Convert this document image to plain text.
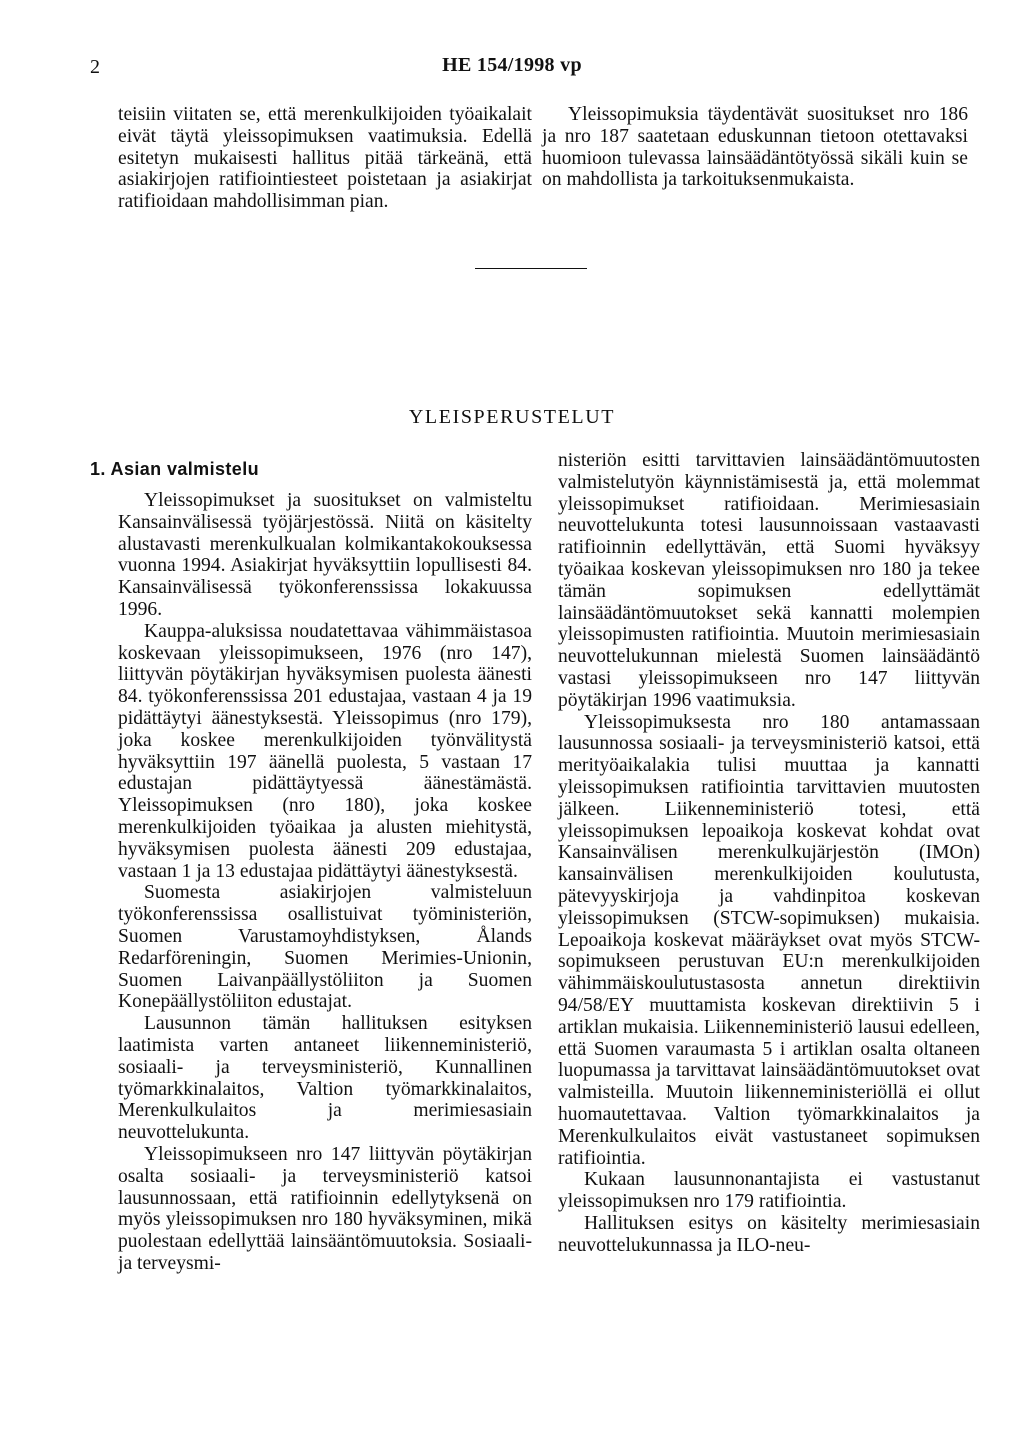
2	HE 154/1998 vp

teisiin viitaten se, että merenkulkijoiden työaikalait eivät täytä yleissopimuksen vaatimuksia. Edellä esitetyn mukaisesti hallitus pitää tärkeänä, että asiakirjojen ratifiointiesteet poistetaan ja asiakirjat ratifioidaan mahdollisimman pian.

Yleissopimuksia täydentävät suositukset nro 186 ja nro 187 saatetaan eduskunnan tietoon otettavaksi huomioon tulevassa lainsäädäntötyössä sikäli kuin se on mahdollista ja tarkoituksenmukaista.

YLEISPERUSTELUT
1. Asian valmistelu

Yleissopimukset ja suositukset on valmisteltu Kansainvälisessä työjärjestössä. Niitä on käsitelty alustavasti merenkulkualan kolmikantakokouksessa vuonna 1994. Asiakirjat hyväksyttiin lopullisesti 84. Kansainvälisessä työkonferenssissa lokakuussa 1996.

Kauppa-aluksissa noudatettavaa vähimmäistasoa koskevaan yleissopimukseen, 1976 (nro 147), liittyvän pöytäkirjan hyväksymisen puolesta äänesti 84. työkonferenssissa 201 edustajaa, vastaan 4 ja 19 pidättäytyi äänestyksestä. Yleissopimus (nro 179), joka koskee merenkulkijoiden työnvälitystä hyväksyttiin 197 äänellä puolesta, 5 vastaan 17 edustajan pidättäytyessä äänestämästä. Yleissopimuksen (nro 180), joka koskee merenkulkijoiden työaikaa ja alusten miehitystä, hyväksymisen puolesta äänesti 209 edustajaa, vastaan 1 ja 13 edustajaa pidättäytyi äänestyksestä.

Suomesta asiakirjojen valmisteluun työkonferenssissa osallistuivat työministeriön, Suomen Varustamoyhdistyksen, Ålands Redarföreningin, Suomen Merimies-Unionin, Suomen Laivanpäällystöliiton ja Suomen Konepäällystöliiton edustajat.

Lausunnon tämän hallituksen esityksen laatimista varten antaneet liikenneministeriö, sosiaali- ja terveysministeriö, Kunnallinen työmarkkinalaitos, Valtion työmarkkinalaitos, Merenkulkulaitos ja merimiesasiain neuvottelukunta.

Yleissopimukseen nro 147 liittyvän pöytäkirjan osalta sosiaali- ja terveysministeriö katsoi lausunnossaan, että ratifioinnin edellytyksenä on myös yleissopimuksen nro 180 hyväksyminen, mikä puolestaan edellyttää lainsääntömuutoksia. Sosiaali- ja terveysmi-

nisteriön esitti tarvittavien lainsäädäntömuutosten valmistelutyön käynnistämisestä ja, että molemmat yleissopimukset ratifioidaan. Merimiesasiain neuvottelukunta totesi lausunnoissaan vastaavasti ratifioinnin edellyttävän, että Suomi hyväksyy työaikaa koskevan yleissopimuksen nro 180 ja tekee tämän sopimuksen edellyttämät lainsäädäntömuutokset sekä kannatti molempien yleissopimusten ratifiointia. Muutoin merimiesasiain neuvottelukunnan mielestä Suomen lainsäädäntö vastasi yleissopimukseen nro 147 liittyvän pöytäkirjan 1996 vaatimuksia.

Yleissopimuksesta nro 180 antamassaan lausunnossa sosiaali- ja terveysministeriö katsoi, että merityöaikalakia tulisi muuttaa ja kannatti yleissopimuksen ratifiointia tarvittavien muutosten jälkeen. Liikenneministeriö totesi, että yleissopimuksen lepoaikoja koskevat kohdat ovat Kansainvälisen merenkulkujärjestön (IMOn) kansainvälisen merenkulkijoiden koulutusta, pätevyyskirjoja ja vahdinpitoa koskevan yleissopimuksen (STCW-sopimuksen) mukaisia. Lepoaikoja koskevat määräykset ovat myös STCW-sopimukseen perustuvan EU:n merenkulkijoiden vähimmäiskoulutustasosta annetun direktiivin 94/58/EY muuttamista koskevan direktiivin 5 i artiklan mukaisia. Liikenneministeriö lausui edelleen, että Suomen varaumasta 5 i artiklan osalta oltaneen luopumassa ja tarvittavat lainsäädäntömuutokset ovat valmisteilla. Muutoin liikenneministeriöllä ei ollut huomautettavaa. Valtion työmarkkinalaitos ja Merenkulkulaitos eivät vastustaneet sopimuksen ratifiointia.

Kukaan lausunnonantajista ei vastustanut yleissopimuksen nro 179 ratifiointia.

Hallituksen esitys on käsitelty merimiesasiain neuvottelukunnassa ja ILO-neu-
